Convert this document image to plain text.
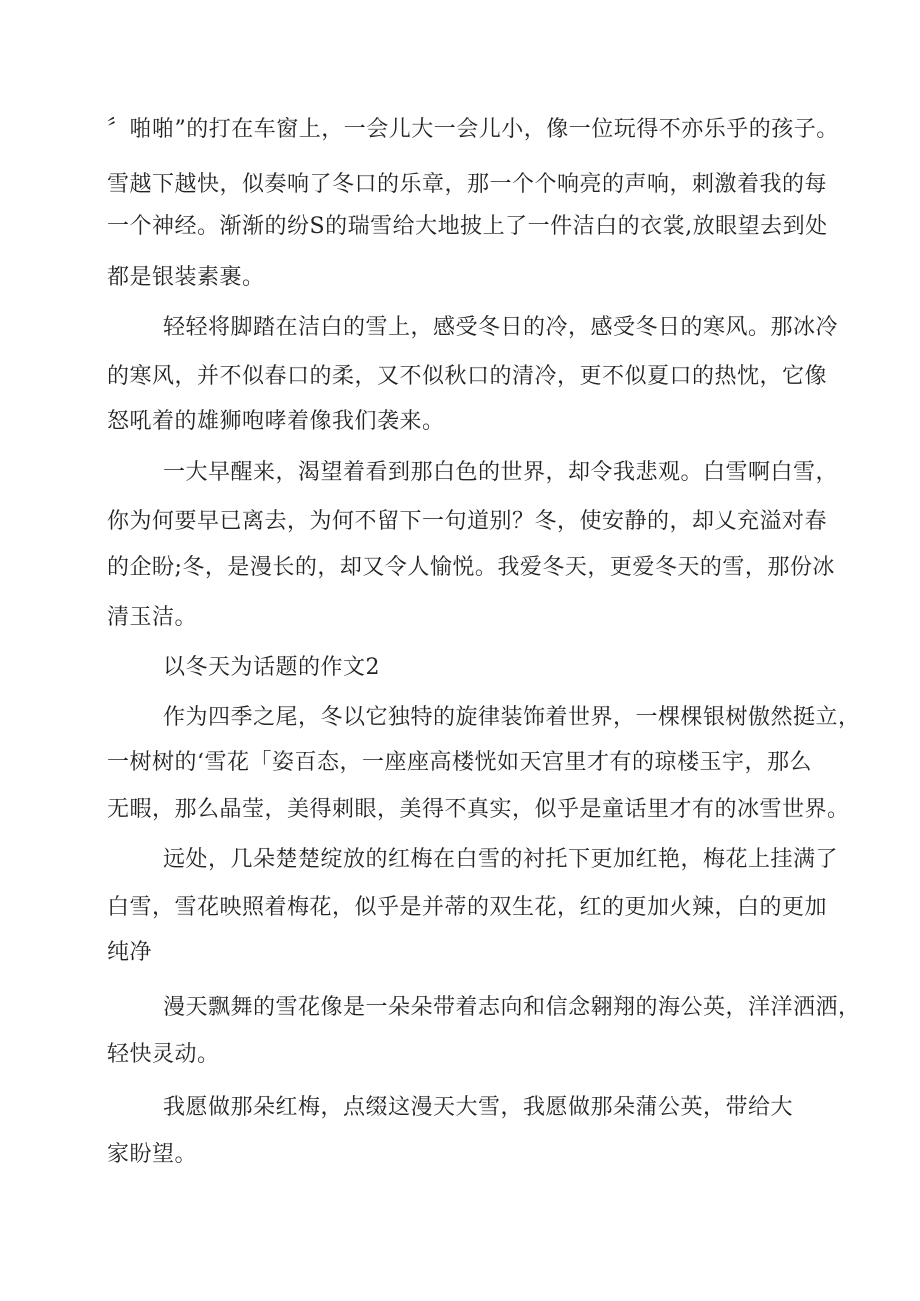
〞啪啪”的打在车窗上，一会儿大一会儿小，像一位玩得不亦乐乎的孩子。
雪越下越快，似奏响了冬口的乐章，那一个个响亮的声响，刺激着我的每
一个神经。渐渐的纷S的瑞雪给大地披上了一件洁白的衣裳,放眼望去到处
都是银装素裹。
轻轻将脚踏在洁白的雪上，感受冬日的冷，感受冬日的寒风。那冰冷
的寒风，并不似春口的柔，又不似秋口的清冷，更不似夏口的热忱，它像
怒吼着的雄狮咆哮着像我们袭来。
一大早醒来，渴望着看到那白色的世界，却令我悲观。白雪啊白雪，
你为何要早已离去，为何不留下一句道别？冬，使安静的，却乂充溢对春
的企盼;冬，是漫长的，却又令人愉悦。我爱冬天，更爱冬天的雪，那份冰
清玉洁。
以冬天为话题的作文2
作为四季之尾，冬以它独特的旋律装饰着世界，一棵棵银树傲然挺立，
一树树的‘雪花「姿百态，一座座高楼恍如天宫里才有的琼楼玉宇，那么
无暇，那么晶莹，美得刺眼，美得不真实，似乎是童话里才有的冰雪世界。
远处，几朵楚楚绽放的红梅在白雪的衬托下更加红艳，梅花上挂满了
白雪，雪花映照着梅花，似乎是并蒂的双生花，红的更加火辣，白的更加
纯净
漫天飘舞的雪花像是一朵朵带着志向和信念翱翔的海公英，洋洋洒洒，
轻快灵动。
我愿做那朵红梅，点缀这漫天大雪，我愿做那朵蒲公英，带给大
家盼望。
